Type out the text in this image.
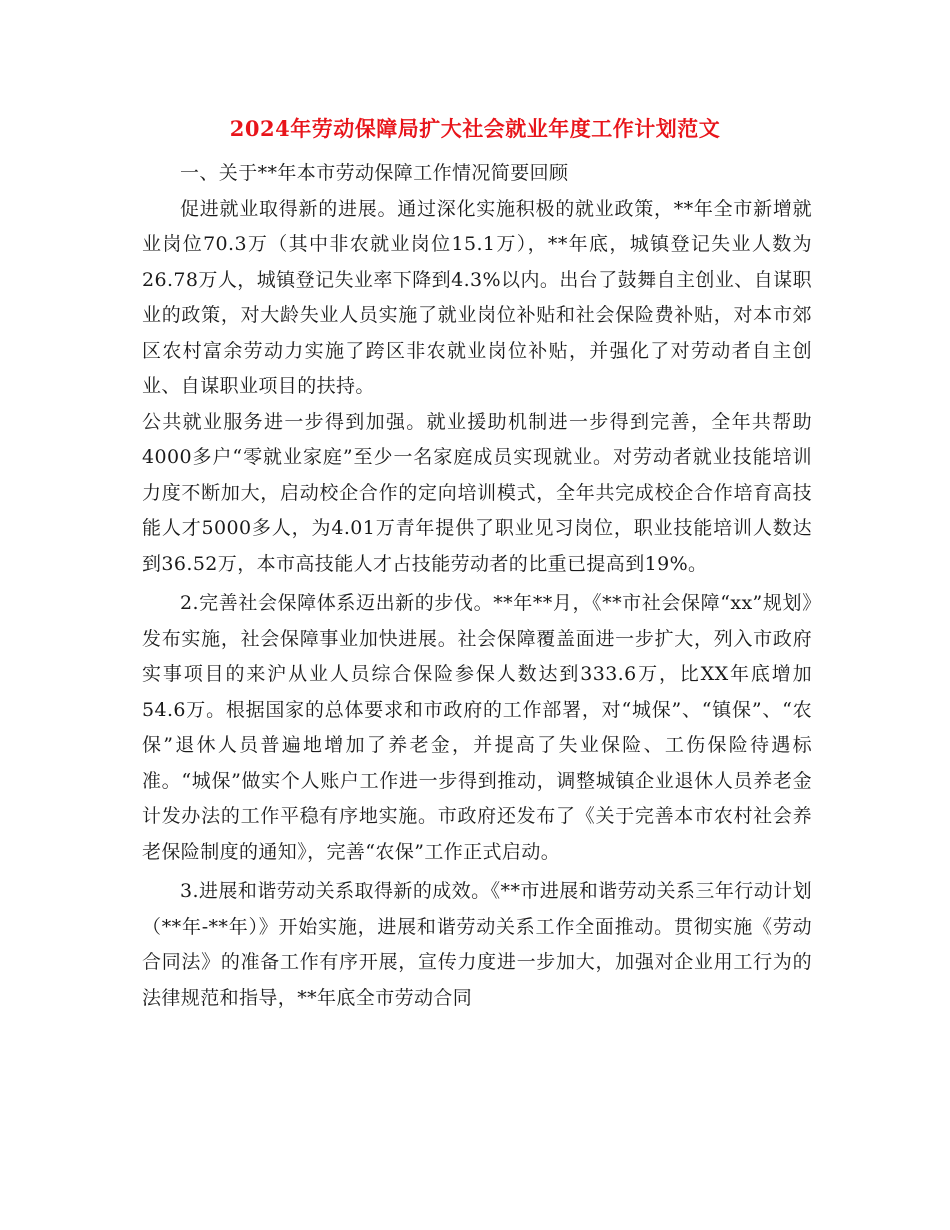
2024年劳动保障局扩大社会就业年度工作计划范文

一、关于**年本市劳动保障工作情况简要回顾

促进就业取得新的进展。通过深化实施积极的就业政策，**年全市新增就业岗位70.3万（其中非农就业岗位15.1万），**年底，城镇登记失业人数为26.78万人，城镇登记失业率下降到4.3%以内。出台了鼓舞自主创业、自谋职业的政策，对大龄失业人员实施了就业岗位补贴和社会保险费补贴，对本市郊区农村富余劳动力实施了跨区非农就业岗位补贴，并强化了对劳动者自主创业、自谋职业项目的扶持。

公共就业服务进一步得到加强。就业援助机制进一步得到完善，全年共帮助4000多户“零就业家庭”至少一名家庭成员实现就业。对劳动者就业技能培训力度不断加大，启动校企合作的定向培训模式，全年共完成校企合作培育高技能人才5000多人，为4.01万青年提供了职业见习岗位，职业技能培训人数达到36.52万，本市高技能人才占技能劳动者的比重已提高到19%。

2.完善社会保障体系迈出新的步伐。**年**月，《**市社会保障“xx”规划》发布实施，社会保障事业加快进展。社会保障覆盖面进一步扩大，列入市政府实事项目的来沪从业人员综合保险参保人数达到333.6万，比XX年底增加54.6万。根据国家的总体要求和市政府的工作部署，对“城保”、“镇保”、“农保”退休人员普遍地增加了养老金，并提高了失业保险、工伤保险待遇标准。“城保”做实个人账户工作进一步得到推动，调整城镇企业退休人员养老金计发办法的工作平稳有序地实施。市政府还发布了《关于完善本市农村社会养老保险制度的通知》，完善“农保”工作正式启动。

3.进展和谐劳动关系取得新的成效。《**市进展和谐劳动关系三年行动计划（**年-**年）》开始实施，进展和谐劳动关系工作全面推动。贯彻实施《劳动合同法》的准备工作有序开展，宣传力度进一步加大，加强对企业用工行为的法律规范和指导，**年底全市劳动合同
